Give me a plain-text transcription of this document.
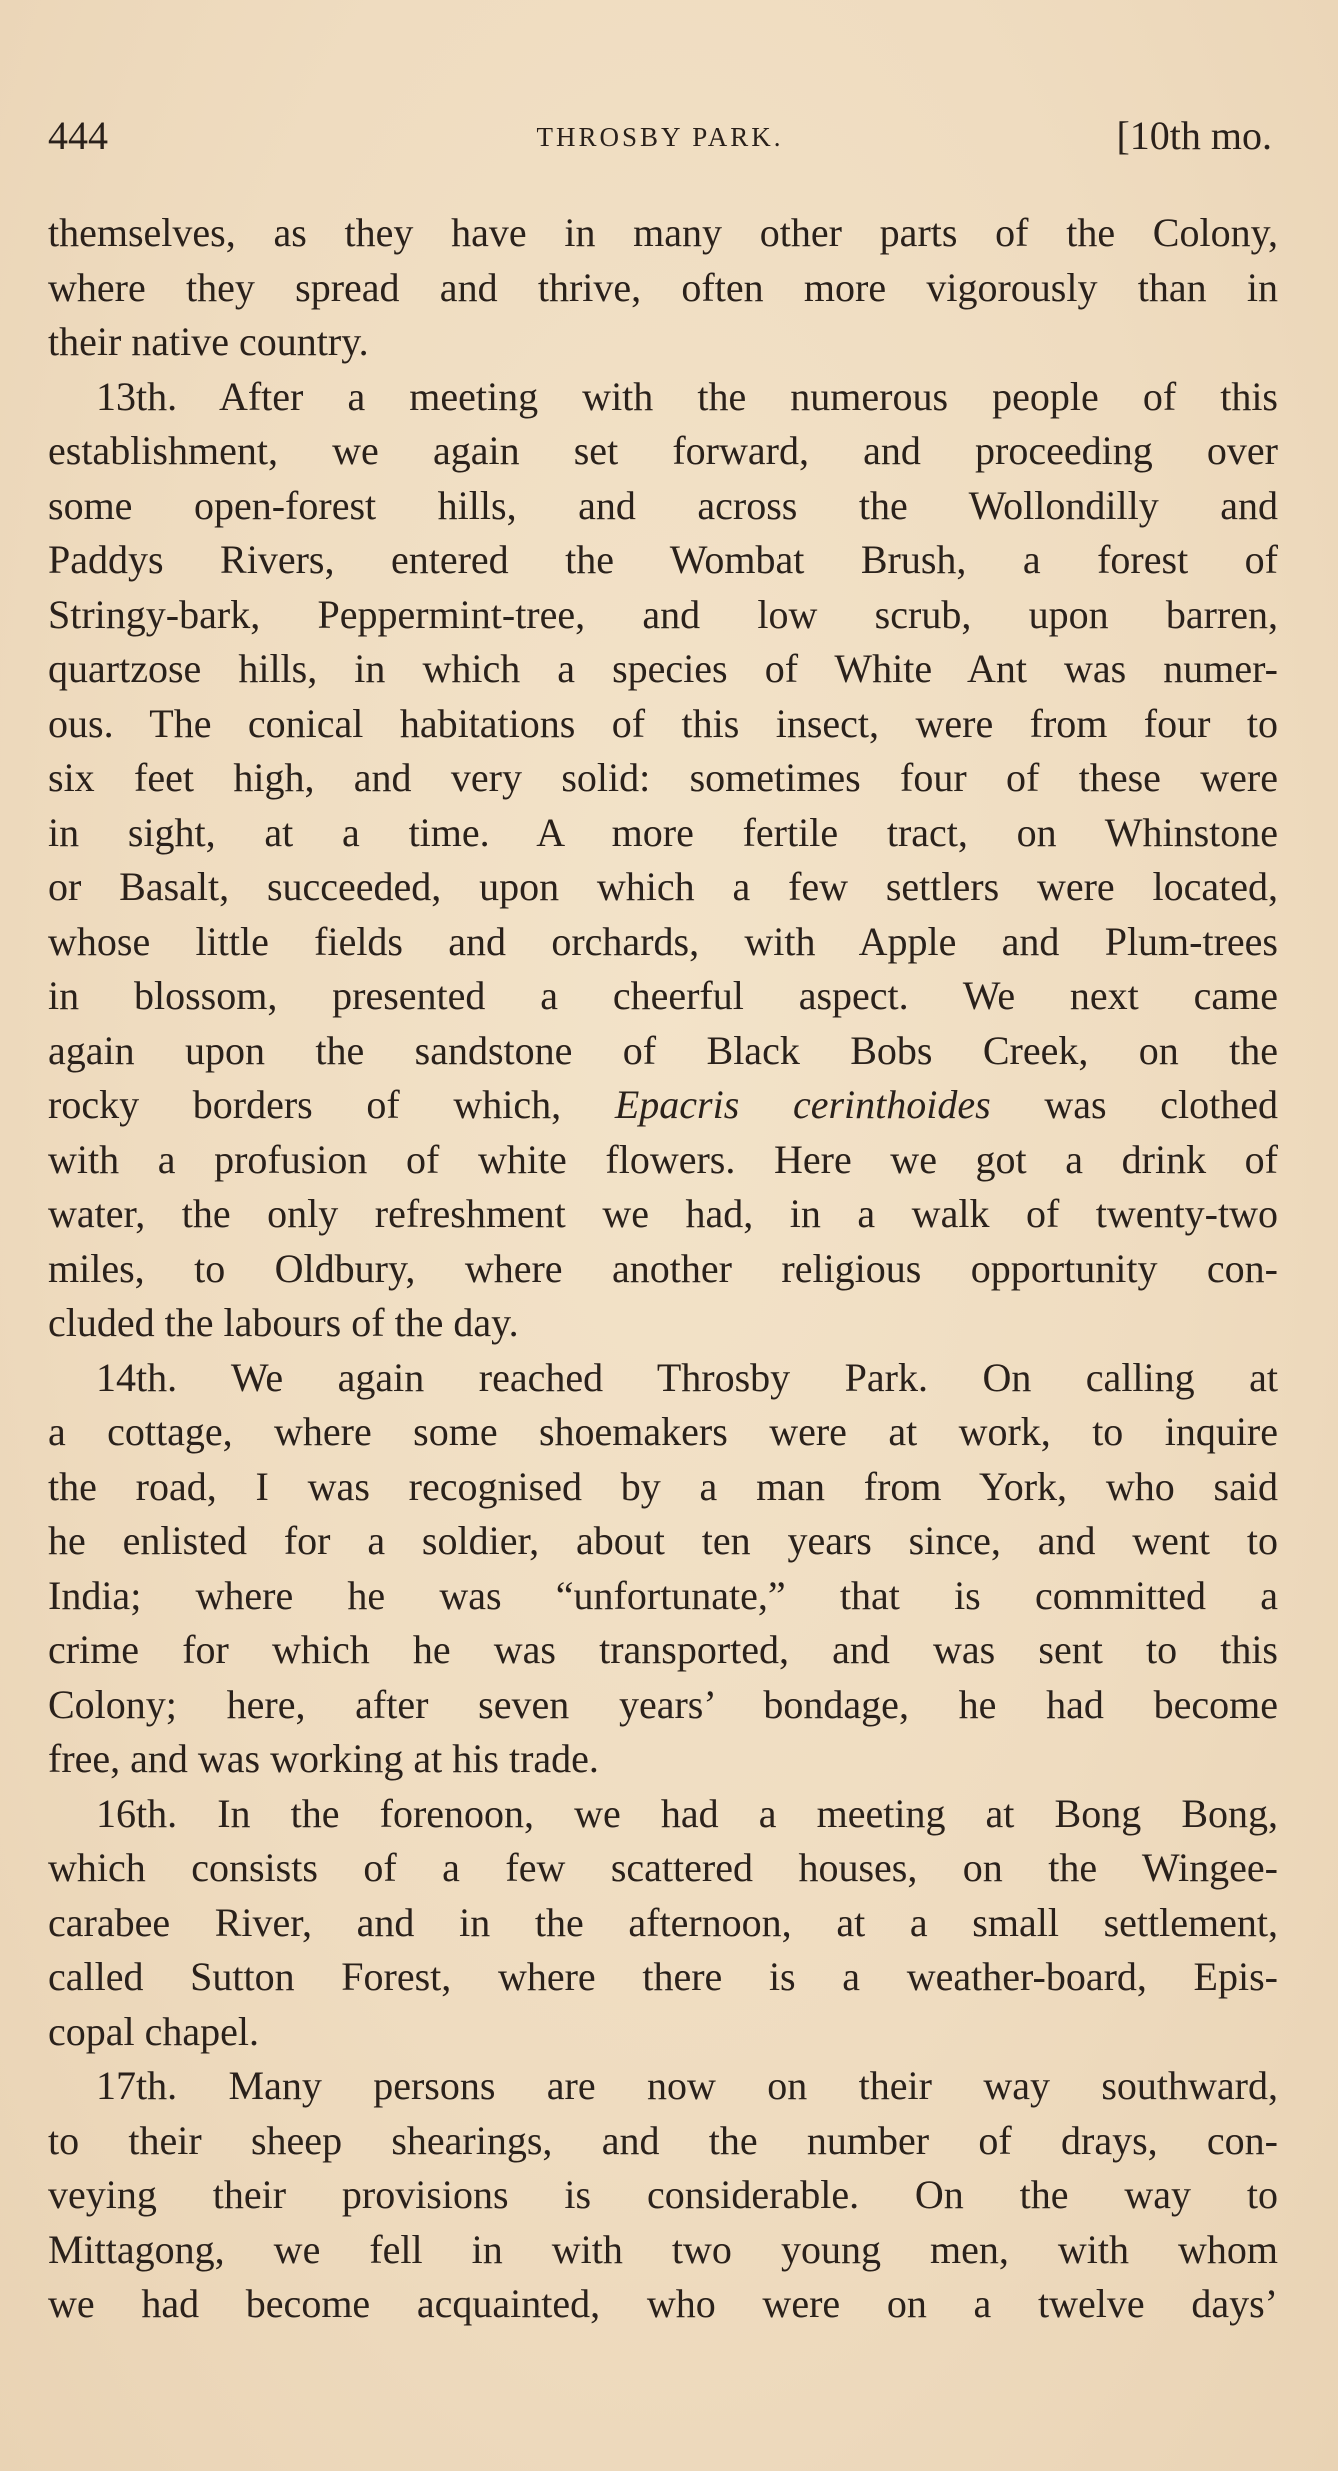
444	THROSBY PARK.	[10th mo.
themselves, as they have in many other parts of the Colony,
where they spread and thrive, often more vigorously than in
their native country.
13th. After a meeting with the numerous people of this
establishment, we again set forward, and proceeding over
some open-forest hills, and across the Wollondilly and
Paddys Rivers, entered the Wombat Brush, a forest of
Stringy-bark, Peppermint-tree, and low scrub, upon barren,
quartzose hills, in which a species of White Ant was numer-
ous. The conical habitations of this insect, were from four to
six feet high, and very solid: sometimes four of these were
in sight, at a time. A more fertile tract, on Whinstone
or Basalt, succeeded, upon which a few settlers were located,
whose little fields and orchards, with Apple and Plum-trees
in blossom, presented a cheerful aspect. We next came
again upon the sandstone of Black Bobs Creek, on the
rocky borders of which, Epacris cerinthoides was clothed
with a profusion of white flowers. Here we got a drink of
water, the only refreshment we had, in a walk of twenty-two
miles, to Oldbury, where another religious opportunity con-
cluded the labours of the day.
14th. We again reached Throsby Park. On calling at
a cottage, where some shoemakers were at work, to inquire
the road, I was recognised by a man from York, who said
he enlisted for a soldier, about ten years since, and went to
India; where he was “unfortunate,” that is committed a
crime for which he was transported, and was sent to this
Colony; here, after seven years’ bondage, he had become
free, and was working at his trade.
16th. In the forenoon, we had a meeting at Bong Bong,
which consists of a few scattered houses, on the Wingee-
carabee River, and in the afternoon, at a small settlement,
called Sutton Forest, where there is a weather-board, Epis-
copal chapel.
17th. Many persons are now on their way southward,
to their sheep shearings, and the number of drays, con-
veying their provisions is considerable. On the way to
Mittagong, we fell in with two young men, with whom
we had become acquainted, who were on a twelve days’
